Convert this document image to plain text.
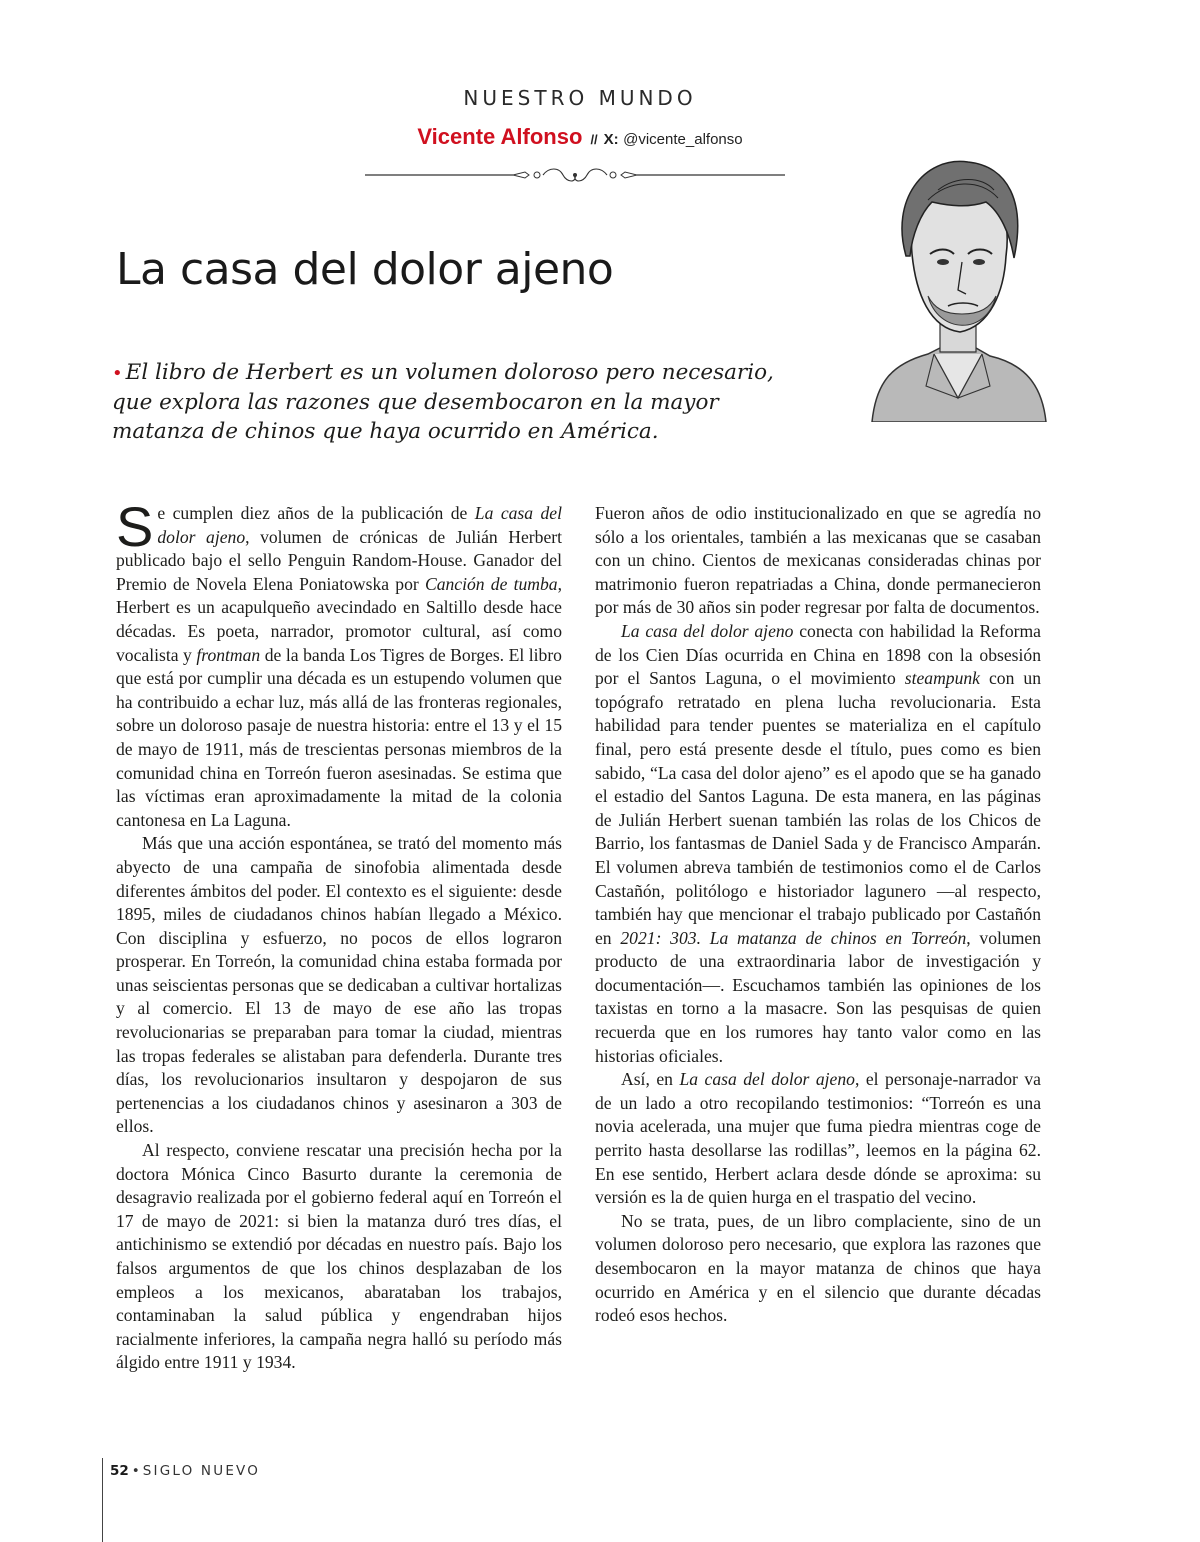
NUESTRO MUNDO
Vicente Alfonso // X: @vicente_alfonso
La casa del dolor ajeno

• El libro de Herbert es un volumen doloroso pero necesario, que explora las razones que desembocaron en la mayor matanza de chinos que haya ocurrido en América.

Se cumplen diez años de la publicación de La casa del dolor ajeno, volumen de crónicas de Julián Herbert publicado bajo el sello Penguin Random-House. Ganador del Premio de Novela Elena Poniatowska por Canción de tumba, Herbert es un acapulqueño avecindado en Saltillo desde hace décadas. Es poeta, narrador, promotor cultural, así como vocalista y frontman de la banda Los Tigres de Borges. El libro que está por cumplir una década es un estupendo volumen que ha contribuido a echar luz, más allá de las fronteras regionales, sobre un doloroso pasaje de nuestra historia: entre el 13 y el 15 de mayo de 1911, más de trescientas personas miembros de la comunidad china en Torreón fueron asesinadas. Se estima que las víctimas eran aproximadamente la mitad de la colonia cantonesa en La Laguna.

Más que una acción espontánea, se trató del momento más abyecto de una campaña de sinofobia alimentada desde diferentes ámbitos del poder. El contexto es el siguiente: desde 1895, miles de ciudadanos chinos habían llegado a México. Con disciplina y esfuerzo, no pocos de ellos lograron prosperar. En Torreón, la comunidad china estaba formada por unas seiscientas personas que se dedicaban a cultivar hortalizas y al comercio. El 13 de mayo de ese año las tropas revolucionarias se preparaban para tomar la ciudad, mientras las tropas federales se alistaban para defenderla. Durante tres días, los revolucionarios insultaron y despojaron de sus pertenencias a los ciudadanos chinos y asesinaron a 303 de ellos.

Al respecto, conviene rescatar una precisión hecha por la doctora Mónica Cinco Basurto durante la ceremonia de desagravio realizada por el gobierno federal aquí en Torreón el 17 de mayo de 2021: si bien la matanza duró tres días, el antichinismo se extendió por décadas en nuestro país. Bajo los falsos argumentos de que los chinos desplazaban de los empleos a los mexicanos, abarataban los trabajos, contaminaban la salud pública y engendraban hijos racialmente inferiores, la campaña negra halló su período más álgido entre 1911 y 1934.

Fueron años de odio institucionalizado en que se agredía no sólo a los orientales, también a las mexicanas que se casaban con un chino. Cientos de mexicanas consideradas chinas por matrimonio fueron repatriadas a China, donde permanecieron por más de 30 años sin poder regresar por falta de documentos.

La casa del dolor ajeno conecta con habilidad la Reforma de los Cien Días ocurrida en China en 1898 con la obsesión por el Santos Laguna, o el movimiento steampunk con un topógrafo retratado en plena lucha revolucionaria. Esta habilidad para tender puentes se materializa en el capítulo final, pero está presente desde el título, pues como es bien sabido, “La casa del dolor ajeno” es el apodo que se ha ganado el estadio del Santos Laguna. De esta manera, en las páginas de Julián Herbert suenan también las rolas de los Chicos de Barrio, los fantasmas de Daniel Sada y de Francisco Amparán. El volumen abreva también de testimonios como el de Carlos Castañón, politólogo e historiador lagunero —al respecto, también hay que mencionar el trabajo publicado por Castañón en 2021: 303. La matanza de chinos en Torreón, volumen producto de una extraordinaria labor de investigación y documentación—. Escuchamos también las opiniones de los taxistas en torno a la masacre. Son las pesquisas de quien recuerda que en los rumores hay tanto valor como en las historias oficiales.

Así, en La casa del dolor ajeno, el personaje-narrador va de un lado a otro recopilando testimonios: “Torreón es una novia acelerada, una mujer que fuma piedra mientras coge de perrito hasta desollarse las rodillas”, leemos en la página 62. En ese sentido, Herbert aclara desde dónde se aproxima: su versión es la de quien hurga en el traspatio del vecino.

No se trata, pues, de un libro complaciente, sino de un volumen doloroso pero necesario, que explora las razones que desembocaron en la mayor matanza de chinos que haya ocurrido en América y en el silencio que durante décadas rodeó esos hechos.

52 • SIGLO NUEVO
